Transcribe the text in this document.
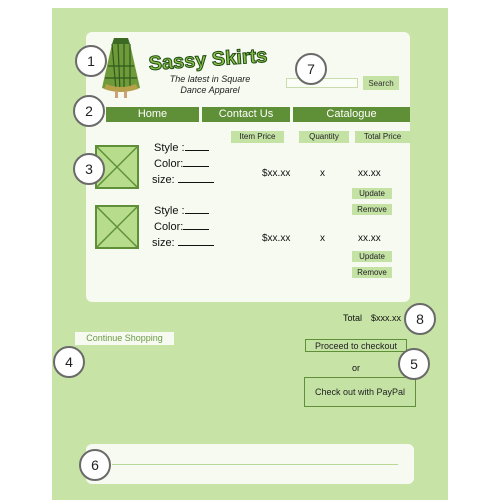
Sassy Skirts
The latest in Square
Dance Apparel
Search
Home	Contact Us	Catalogue
Item Price	Quantity	Total Price
Style :
Color:
size:
$xx.xx	x	xx.xx
Update
Remove
Style :
Color:
size:	$xx.xx	x	xx.xx
Update
Remove
Total $xxx.xx
Continue Shopping
Proceed to checkout
or
Check out with PayPal
1
2
3
4	5
6
7
8
